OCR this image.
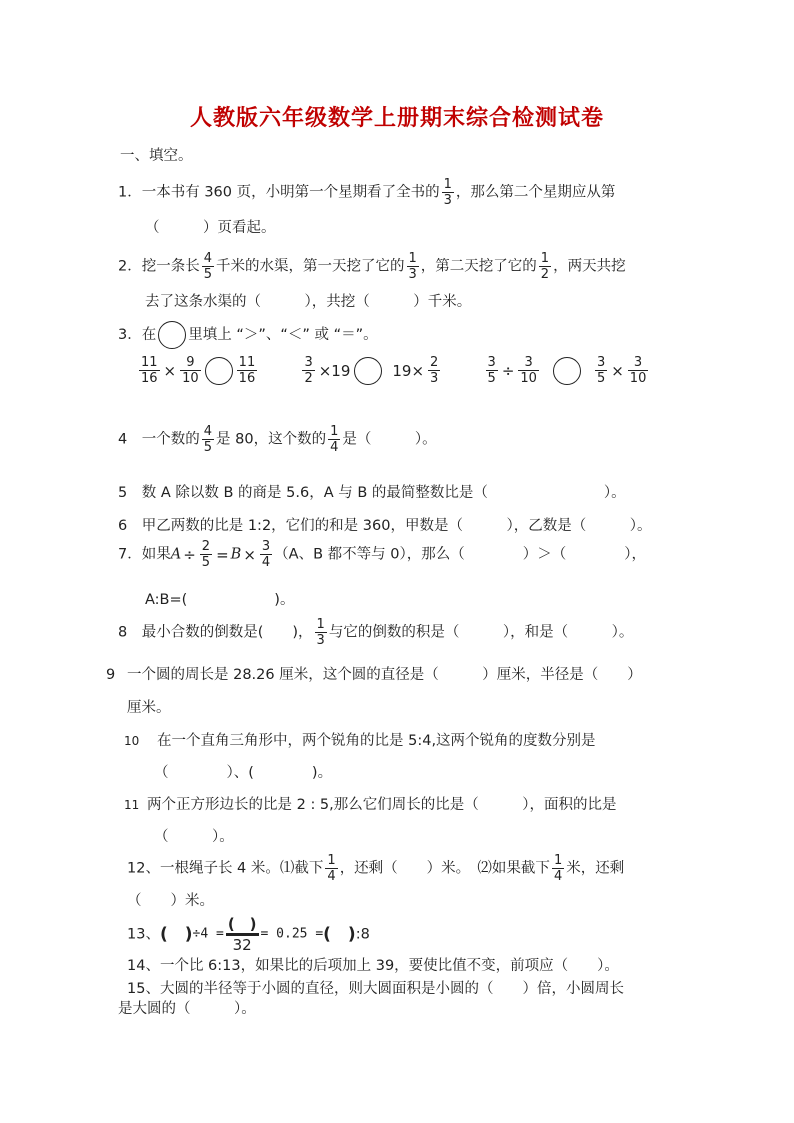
人教版六年级数学上册期末综合检测试卷
一、填空。
1．一本书有 360 页，小明第一个星期看了全书的 $\frac{1}{3}$ ，那么第二个星期应从第
（　　　）页看起。
2．挖一条长 $\frac{4}{5}$ 千米的水渠，第一天挖了它的 $\frac{1}{3}$ ，第二天挖了它的 $\frac{1}{2}$ ，两天共挖
去了这条水渠的（　　　），共挖（　　　）千米。
3．在 里填上 “＞”、“＜” 或 “＝”。
$\frac{11}{16} \times \frac{9}{10}$	$\frac{11}{16}$
	$\frac{3}{2} \times 19$	$19\times \frac{2}{3}$
	$\frac{3}{5} \div \frac{3}{10}$	$\frac{3}{5} \times \frac{3}{10}$
4　一个数的 $\frac{4}{5}$ 是 80，这个数的 $\frac{1}{4}$ 是（　　　）。
5　数 A 除以数 B 的商是 5.6，A 与 B 的最简整数比是（　　　　　　　　）。
6　甲乙两数的比是 1:2，它们的和是 360，甲数是（　　　），乙数是（　　　）。
7．如果$A \div \frac{2}{5} = B \times \frac{3}{4} (A$、B 都不等与 0），那么（　　　　）＞（　　　　），
A:B=(　　　　　　)。
8　最小合数的倒数是(　　)， $\frac{1}{3}$ 与它的倒数的积是（　　　），和是（　　　）。
9 一个圆的周长是 28.26 厘米，这个圆的直径是（　　　）厘米，半径是（　　）
厘米。
10 在一个直角三角形中，两个锐角的比是 5:4,这两个锐角的度数分别是
（　　　　）、(　　　　)。
11 两个正方形边长的比是 2 : 5,那么它们周长的比是（　　　），面积的比是
（　　　）。
12、一根绳子长 4 米。⑴截下 $\frac{1}{4}$ ，还剩（　　）米。　⑵如果截下 $\frac{1}{4}$ 米，还剩
（　　）米。
13、(　)$\div 4 = \frac{( )}{32} = 0.25$ =(　):8
14、一个比 6:13，如果比的后项加上 39，要使比值不变，前项应（　　）。
15、大圆的半径等于小圆的直径，则大圆面积是小圆的（　　）倍，小圆周长
是大圆的（　　　）。
